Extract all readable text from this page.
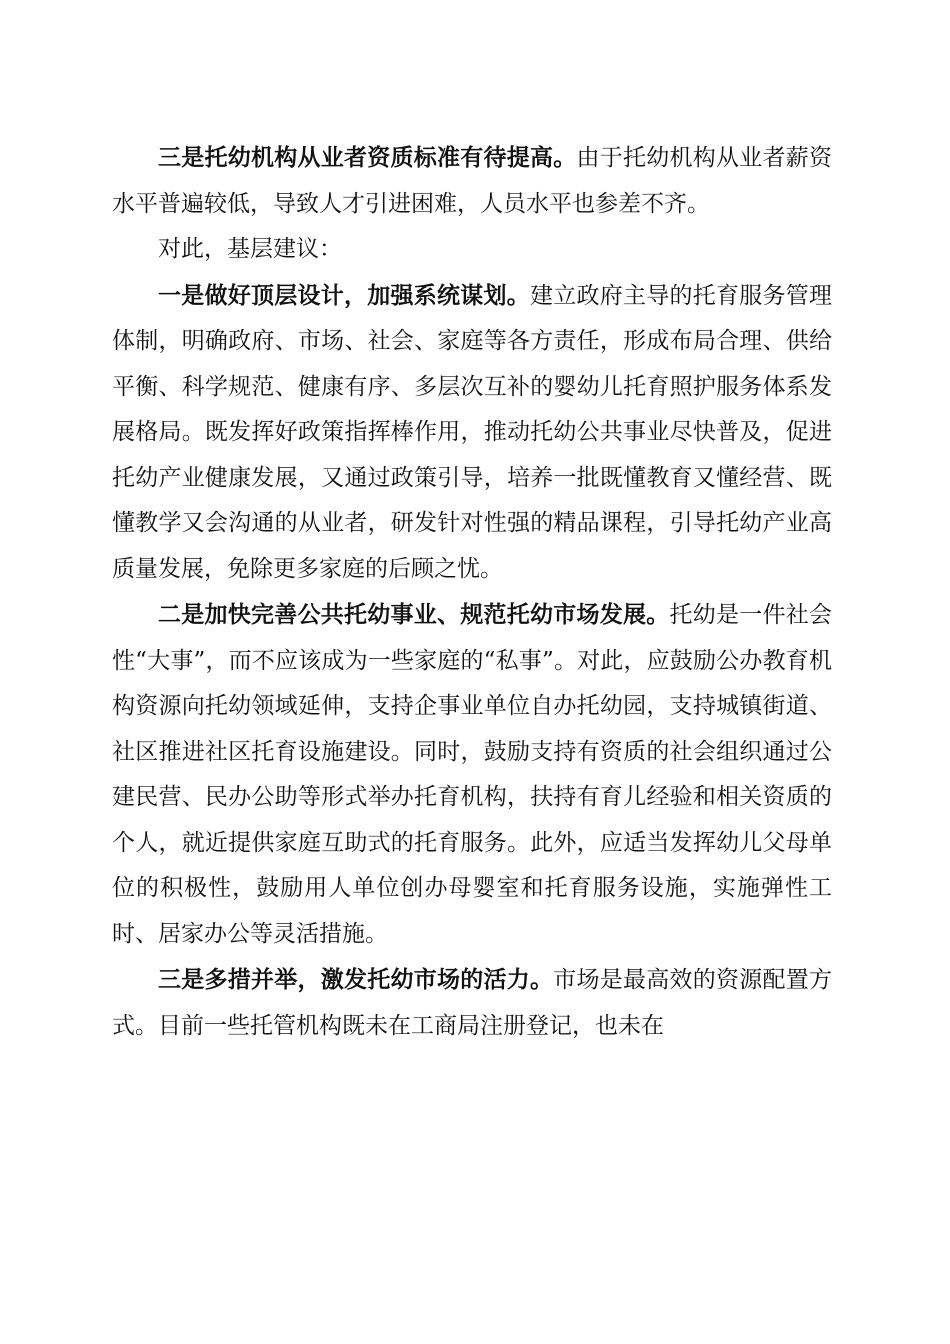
三是托幼机构从业者资质标准有待提高。由于托幼机构从业者薪资水平普遍较低，导致人才引进困难，人员水平也参差不齐。

对此，基层建议：

一是做好顶层设计，加强系统谋划。建立政府主导的托育服务管理体制，明确政府、市场、社会、家庭等各方责任，形成布局合理、供给平衡、科学规范、健康有序、多层次互补的婴幼儿托育照护服务体系发展格局。既发挥好政策指挥棒作用，推动托幼公共事业尽快普及，促进托幼产业健康发展，又通过政策引导，培养一批既懂教育又懂经营、既懂教学又会沟通的从业者，研发针对性强的精品课程，引导托幼产业高质量发展，免除更多家庭的后顾之忧。

二是加快完善公共托幼事业、规范托幼市场发展。托幼是一件社会性“大事”，而不应该成为一些家庭的“私事”。对此，应鼓励公办教育机构资源向托幼领域延伸，支持企事业单位自办托幼园，支持城镇街道、社区推进社区托育设施建设。同时，鼓励支持有资质的社会组织通过公建民营、民办公助等形式举办托育机构，扶持有育儿经验和相关资质的个人，就近提供家庭互助式的托育服务。此外，应适当发挥幼儿父母单位的积极性，鼓励用人单位创办母婴室和托育服务设施，实施弹性工时、居家办公等灵活措施。

三是多措并举，激发托幼市场的活力。市场是最高效的资源配置方式。目前一些托管机构既未在工商局注册登记，也未在
